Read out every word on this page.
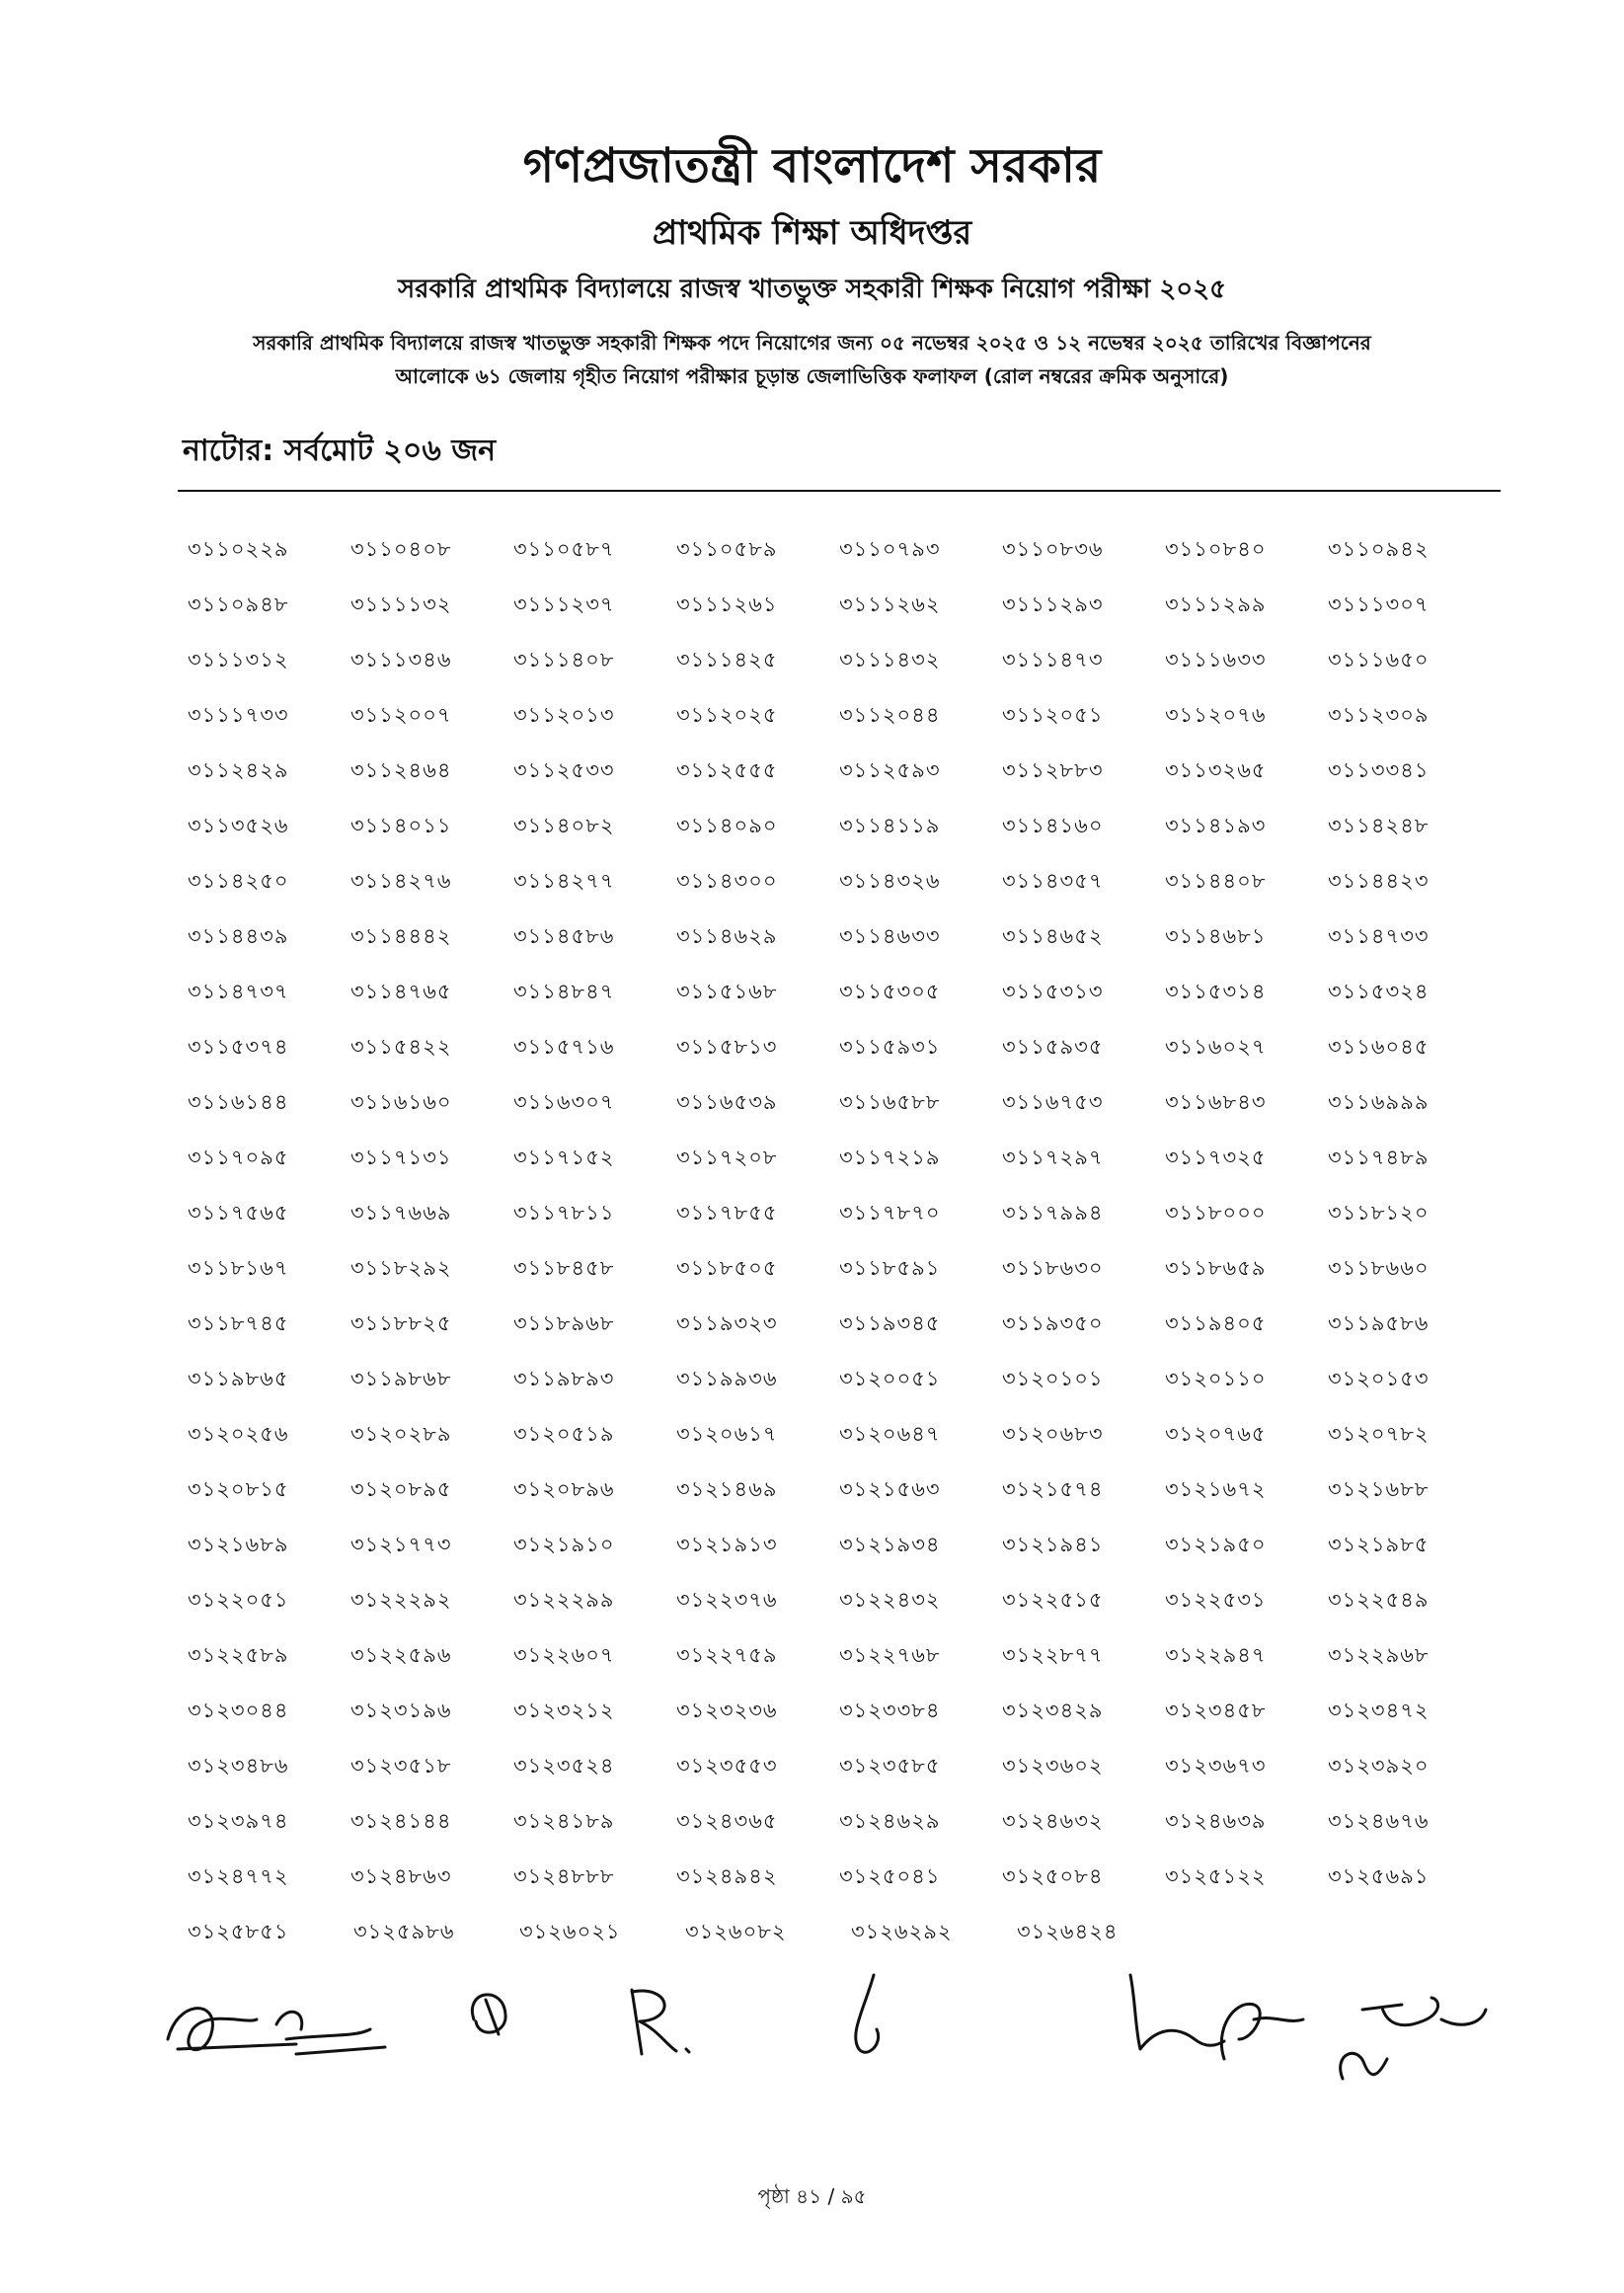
গণপ্রজাতন্ত্রী বাংলাদেশ সরকার
প্রাথমিক শিক্ষা অধিদপ্তর
সরকারি প্রাথমিক বিদ্যালয়ে রাজস্ব খাতভুক্ত সহকারী শিক্ষক নিয়োগ পরীক্ষা ২০২৫
সরকারি প্রাথমিক বিদ্যালয়ে রাজস্ব খাতভুক্ত সহকারী শিক্ষক পদে নিয়োগের জন্য ০৫ নভেম্বর ২০২৫ ও ১২ নভেম্বর ২০২৫ তারিখের বিজ্ঞাপনের
আলোকে ৬১ জেলায় গৃহীত নিয়োগ পরীক্ষার চূড়ান্ত জেলাভিত্তিক ফলাফল (রোল নম্বরের ক্রমিক অনুসারে)
নাটোর: সর্বমোট ২০৬ জন
৩১১০২২৯	৩১১০৪০৮	৩১১০৫৮৭	৩১১০৫৮৯	৩১১০৭৯৩	৩১১০৮৩৬	৩১১০৮৪০	৩১১০৯৪২
৩১১০৯৪৮	৩১১১১৩২	৩১১১২৩৭	৩১১১২৬১	৩১১১২৬২	৩১১১২৯৩	৩১১১২৯৯	৩১১১৩০৭
৩১১১৩১২	৩১১১৩৪৬	৩১১১৪০৮	৩১১১৪২৫	৩১১১৪৩২	৩১১১৪৭৩	৩১১১৬৩৩	৩১১১৬৫০
৩১১১৭৩৩	৩১১২০০৭	৩১১২০১৩	৩১১২০২৫	৩১১২০৪৪	৩১১২০৫১	৩১১২০৭৬	৩১১২৩০৯
৩১১২৪২৯	৩১১২৪৬৪	৩১১২৫৩৩	৩১১২৫৫৫	৩১১২৫৯৩	৩১১২৮৮৩	৩১১৩২৬৫	৩১১৩৩৪১
৩১১৩৫২৬	৩১১৪০১১	৩১১৪০৮২	৩১১৪০৯০	৩১১৪১১৯	৩১১৪১৬০	৩১১৪১৯৩	৩১১৪২৪৮
৩১১৪২৫০	৩১১৪২৭৬	৩১১৪২৭৭	৩১১৪৩০০	৩১১৪৩২৬	৩১১৪৩৫৭	৩১১৪৪০৮	৩১১৪৪২৩
৩১১৪৪৩৯	৩১১৪৪৪২	৩১১৪৫৮৬	৩১১৪৬২৯	৩১১৪৬৩৩	৩১১৪৬৫২	৩১১৪৬৮১	৩১১৪৭৩৩
৩১১৪৭৩৭	৩১১৪৭৬৫	৩১১৪৮৪৭	৩১১৫১৬৮	৩১১৫৩০৫	৩১১৫৩১৩	৩১১৫৩১৪	৩১১৫৩২৪
৩১১৫৩৭৪	৩১১৫৪২২	৩১১৫৭১৬	৩১১৫৮১৩	৩১১৫৯৩১	৩১১৫৯৩৫	৩১১৬০২৭	৩১১৬০৪৫
৩১১৬১৪৪	৩১১৬১৬০	৩১১৬৩০৭	৩১১৬৫৩৯	৩১১৬৫৮৮	৩১১৬৭৫৩	৩১১৬৮৪৩	৩১১৬৯৯৯
৩১১৭০৯৫	৩১১৭১৩১	৩১১৭১৫২	৩১১৭২০৮	৩১১৭২১৯	৩১১৭২৯৭	৩১১৭৩২৫	৩১১৭৪৮৯
৩১১৭৫৬৫	৩১১৭৬৬৯	৩১১৭৮১১	৩১১৭৮৫৫	৩১১৭৮৭০	৩১১৭৯৯৪	৩১১৮০০০	৩১১৮১২০
৩১১৮১৬৭	৩১১৮২৯২	৩১১৮৪৫৮	৩১১৮৫০৫	৩১১৮৫৯১	৩১১৮৬৩০	৩১১৮৬৫৯	৩১১৮৬৬০
৩১১৮৭৪৫	৩১১৮৮২৫	৩১১৮৯৬৮	৩১১৯৩২৩	৩১১৯৩৪৫	৩১১৯৩৫০	৩১১৯৪০৫	৩১১৯৫৮৬
৩১১৯৮৬৫	৩১১৯৮৬৮	৩১১৯৮৯৩	৩১১৯৯৩৬	৩১২০০৫১	৩১২০১০১	৩১২০১১০	৩১২০১৫৩
৩১২০২৫৬	৩১২০২৮৯	৩১২০৫১৯	৩১২০৬১৭	৩১২০৬৪৭	৩১২০৬৮৩	৩১২০৭৬৫	৩১২০৭৮২
৩১২০৮১৫	৩১২০৮৯৫	৩১২০৮৯৬	৩১২১৪৬৯	৩১২১৫৬৩	৩১২১৫৭৪	৩১২১৬৭২	৩১২১৬৮৮
৩১২১৬৮৯	৩১২১৭৭৩	৩১২১৯১০	৩১২১৯১৩	৩১২১৯৩৪	৩১২১৯৪১	৩১২১৯৫০	৩১২১৯৮৫
৩১২২০৫১	৩১২২২৯২	৩১২২২৯৯	৩১২২৩৭৬	৩১২২৪৩২	৩১২২৫১৫	৩১২২৫৩১	৩১২২৫৪৯
৩১২২৫৮৯	৩১২২৫৯৬	৩১২২৬০৭	৩১২২৭৫৯	৩১২২৭৬৮	৩১২২৮৭৭	৩১২২৯৪৭	৩১২২৯৬৮
৩১২৩০৪৪	৩১২৩১৯৬	৩১২৩২১২	৩১২৩২৩৬	৩১২৩৩৮৪	৩১২৩৪২৯	৩১২৩৪৫৮	৩১২৩৪৭২
৩১২৩৪৮৬	৩১২৩৫১৮	৩১২৩৫২৪	৩১২৩৫৫৩	৩১২৩৫৮৫	৩১২৩৬০২	৩১২৩৬৭৩	৩১২৩৯২০
৩১২৩৯৭৪	৩১২৪১৪৪	৩১২৪১৮৯	৩১২৪৩৬৫	৩১২৪৬২৯	৩১২৪৬৩২	৩১২৪৬৩৯	৩১২৪৬৭৬
৩১২৪৭৭২	৩১২৪৮৬৩	৩১২৪৮৮৮	৩১২৪৯৪২	৩১২৫০৪১	৩১২৫০৮৪	৩১২৫১২২	৩১২৫৬৯১
৩১২৫৮৫১	৩১২৫৯৮৬	৩১২৬০২১	৩১২৬০৮২	৩১২৬২৯২	৩১২৬৪২৪
পৃষ্ঠা ৪১ / ৯৫
